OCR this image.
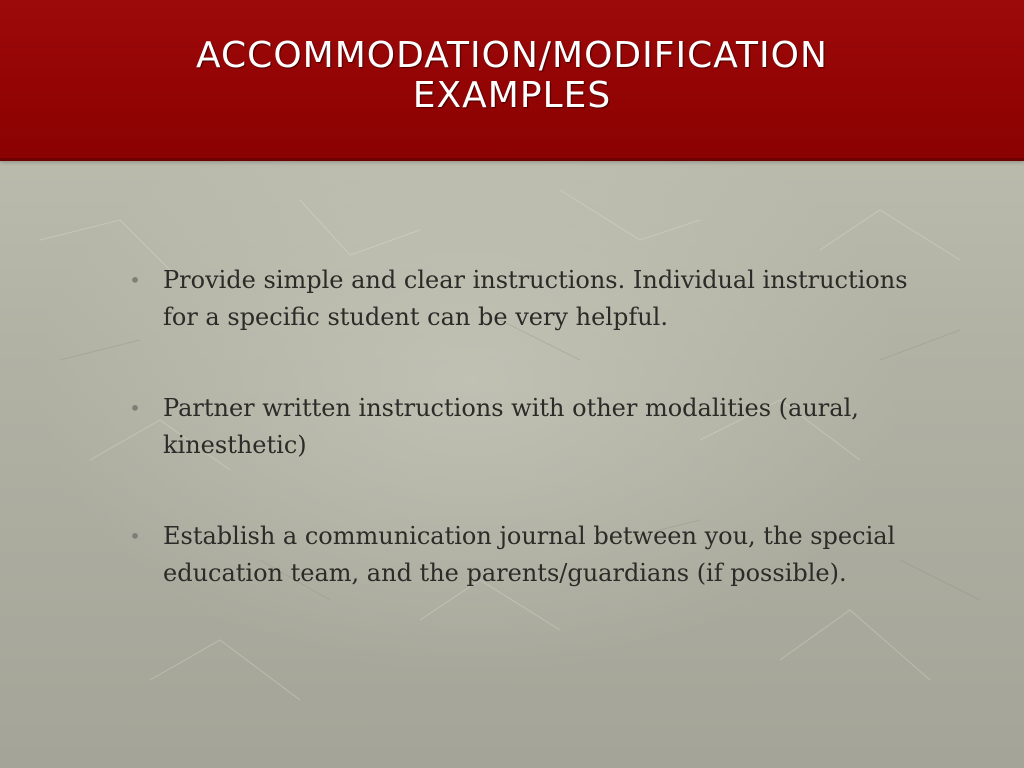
ACCOMMODATION/MODIFICATION
EXAMPLES
• Provide simple and clear instructions. Individual instructions for a specific student can be very helpful.
• Partner written instructions with other modalities (aural, kinesthetic)
• Establish a communication journal between you, the special education team, and the parents/guardians (if possible).
